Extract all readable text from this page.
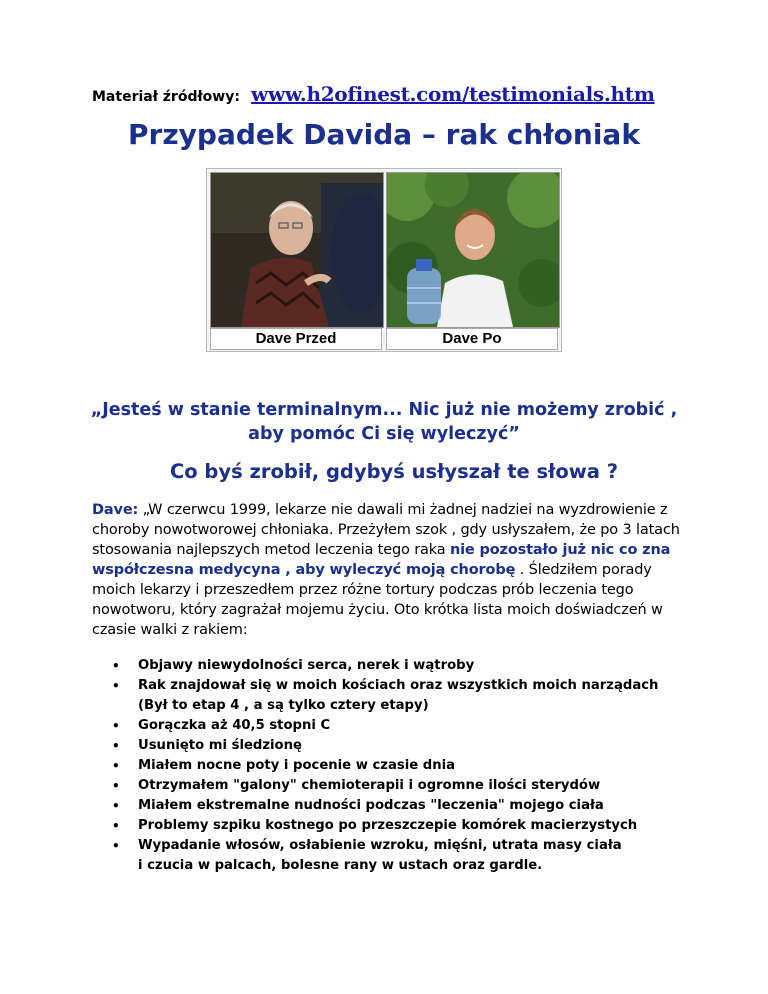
Materiał źródłowy: www.h2ofinest.com/testimonials.htm
Przypadek Davida – rak chłoniak
Dave Przed	Dave Po

„Jesteś w stanie terminalnym... Nic już nie możemy zrobić ,
aby pomóc Ci się wyleczyć”

Co byś zrobił, gdybyś usłyszał te słowa ?

Dave: „W czerwcu 1999, lekarze nie dawali mi żadnej nadziei na wyzdrowienie z choroby nowotworowej chłoniaka. Przeżyłem szok , gdy usłyszałem, że po 3 latach stosowania najlepszych metod leczenia tego raka nie pozostało już nic co zna współczesna medycyna , aby wyleczyć moją chorobę . Śledziłem porady moich lekarzy i przeszedłem przez różne tortury podczas prób leczenia tego nowotworu, który zagrażał mojemu życiu. Oto krótka lista moich doświadczeń w czasie walki z rakiem:

• Objawy niewydolności serca, nerek i wątroby
• Rak znajdował się w moich kościach oraz wszystkich moich narządach
(Był to etap 4 , a są tylko cztery etapy)
• Gorączka aż 40,5 stopni C
• Usunięto mi śledzionę
• Miałem nocne poty i pocenie w czasie dnia
• Otrzymałem "galony" chemioterapii i ogromne ilości sterydów
• Miałem ekstremalne nudności podczas "leczenia" mojego ciała
• Problemy szpiku kostnego po przeszczepie komórek macierzystych
• Wypadanie włosów, osłabienie wzroku, mięśni, utrata masy ciała
i czucia w palcach, bolesne rany w ustach oraz gardle.
